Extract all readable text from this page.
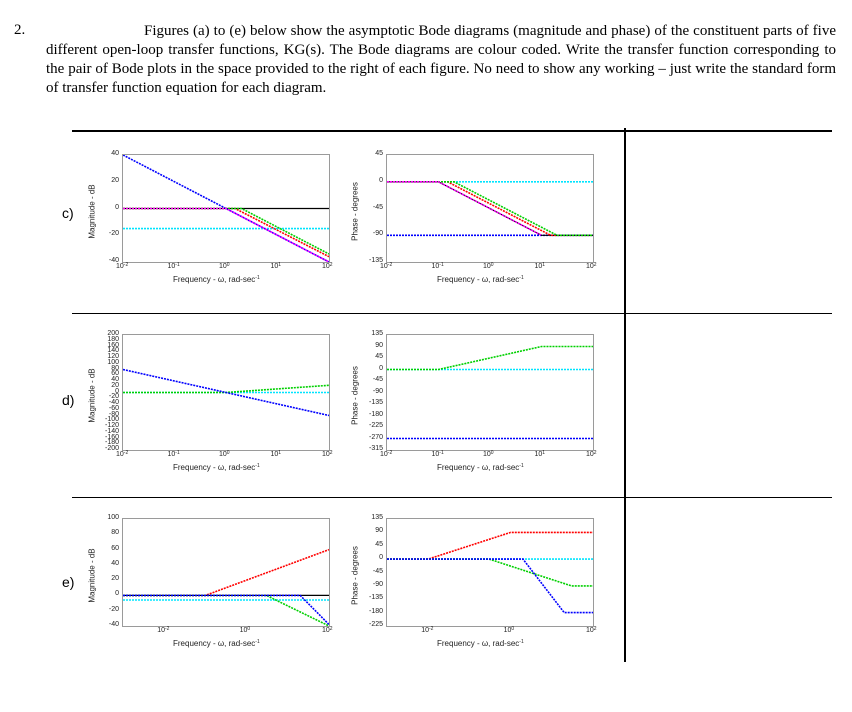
2.	Figures (a) to (e) below show the asymptotic Bode diagrams (magnitude and phase) of the constituent parts of five different open-loop transfer functions, KG(s). The Bode diagrams are colour coded. Write the transfer function corresponding to the pair of Bode plots in the space provided to the right of each figure. No need to show any working – just write the standard form of transfer function equation for each diagram.
40
20
0
-20
-40
$10^{-2}$	$10^{-1}$	$10^0$	$10^1$	$10^2$
Magnitude - dB
Frequency - ω, rad-$\sec^{-1}$
c)
45
0
-45
-90
-135
$10^{-2}$	$10^{-1}$	$10^0$	$10^1$	$10^2$
Phase - degrees
Frequency - ω, rad-$\sec^{-1}$
200
180
160
140
120
100
80
60
40
20
0
-20
-40
-60
-80
-100
-120
-140
-160
-180
-200
$10^{-2}$	$10^{-1}$	$10^0$	$10^1$	$10^2$
Magnitude - dB
Frequency - ω, rad-$\sec^{-1}$
d)
135
90
45
0
-45
-90
-135
-180
-225
-270
-315
$10^{-2}$	$10^{-1}$	$10^0$	$10^1$	$10^2$
Phase - degrees
Frequency - ω, rad-$\sec^{-1}$
100
80
60
40
20
0
-20
-40
$10^{-2}$	$10^0$	$10^2$
Magnitude - dB
Frequency - ω, rad-$\sec^{-1}$
e)
135
90
45
0
-45
-90
-135
-180
-225
$10^{-2}$	$10^0$	$10^2$
Phase - degrees
Frequency - ω, rad-$\sec^{-1}$
